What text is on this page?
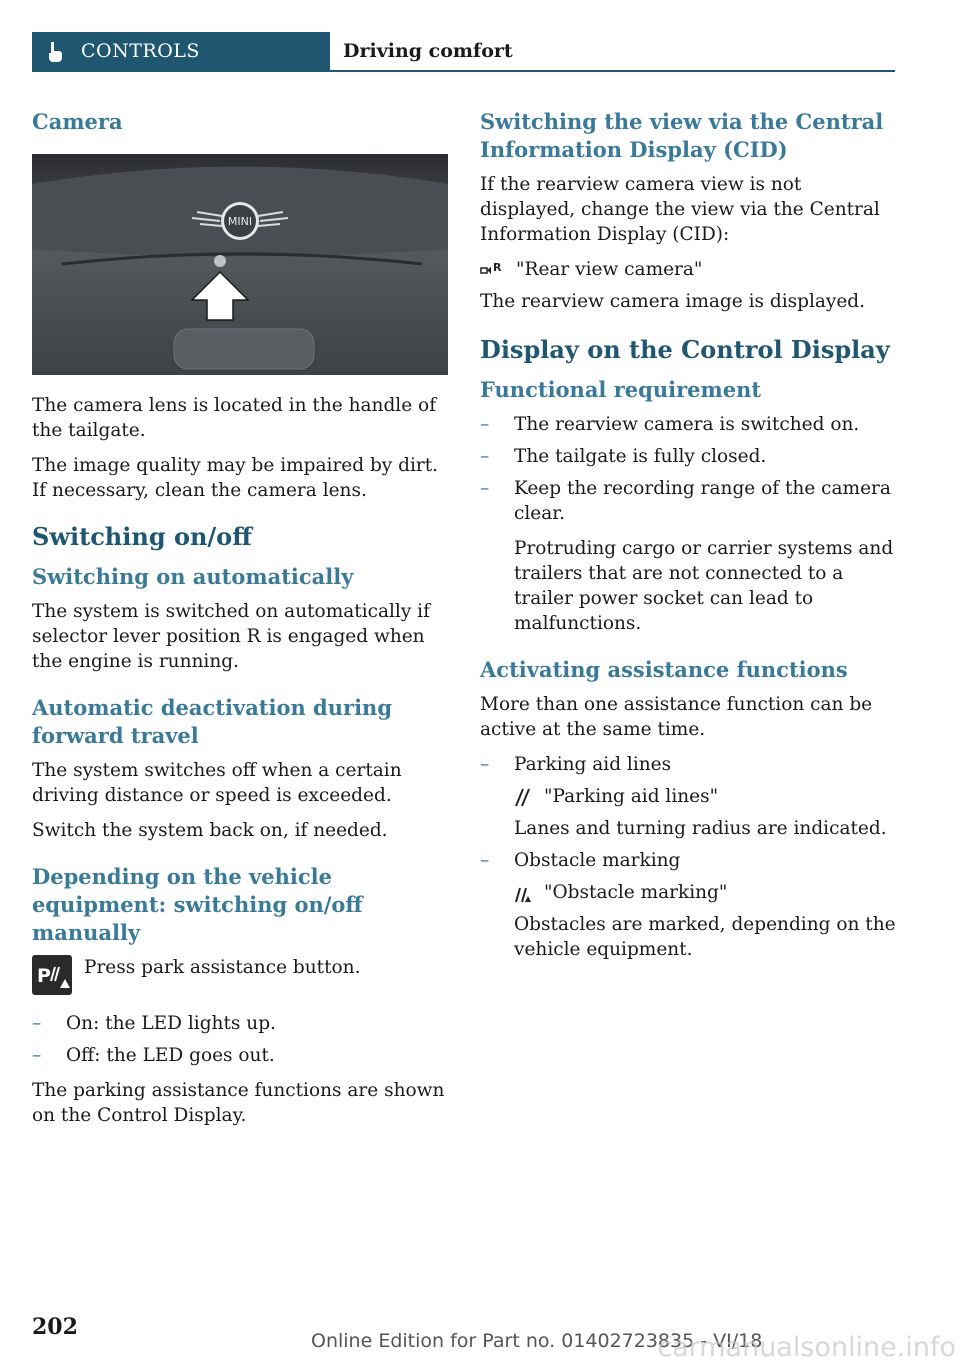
CONTROLS	Driving comfort
Camera
MINI

The camera lens is located in the handle of the tailgate.

The image quality may be impaired by dirt. If necessary, clean the camera lens.

Switching on/off
Switching on automatically

The system is switched on automatically if selector lever position R is engaged when the engine is running.

Automatic deactivation during forward travel

The system switches off when a certain driving distance or speed is exceeded.

Switch the system back on, if needed.

Depending on the vehicle equipment: switching on/off manually
P Press park assistance button.

– On: the LED lights up.
– Off: the LED goes out.

The parking assistance functions are shown on the Control Display.

Switching the view via the Central Information Display (CID)

If the rearview camera view is not displayed, change the view via the Central Information Display (CID):

R "Rear view camera"

The rearview camera image is displayed.

Display on the Control Display
Functional requirement
– The rearview camera is switched on.
– The tailgate is fully closed.
– Keep the recording range of the camera clear.

Protruding cargo or carrier systems and trailers that are not connected to a trailer power socket can lead to malfunctions.

Activating assistance functions

More than one assistance function can be active at the same time.

– Parking aid lines
"Parking aid lines"

Lanes and turning radius are indicated.

– Obstacle marking
"Obstacle marking"

Obstacles are marked, depending on the vehicle equipment.

202
Online Edition for Part no. 01402723835 - VI/18
carmanualsonline.info
